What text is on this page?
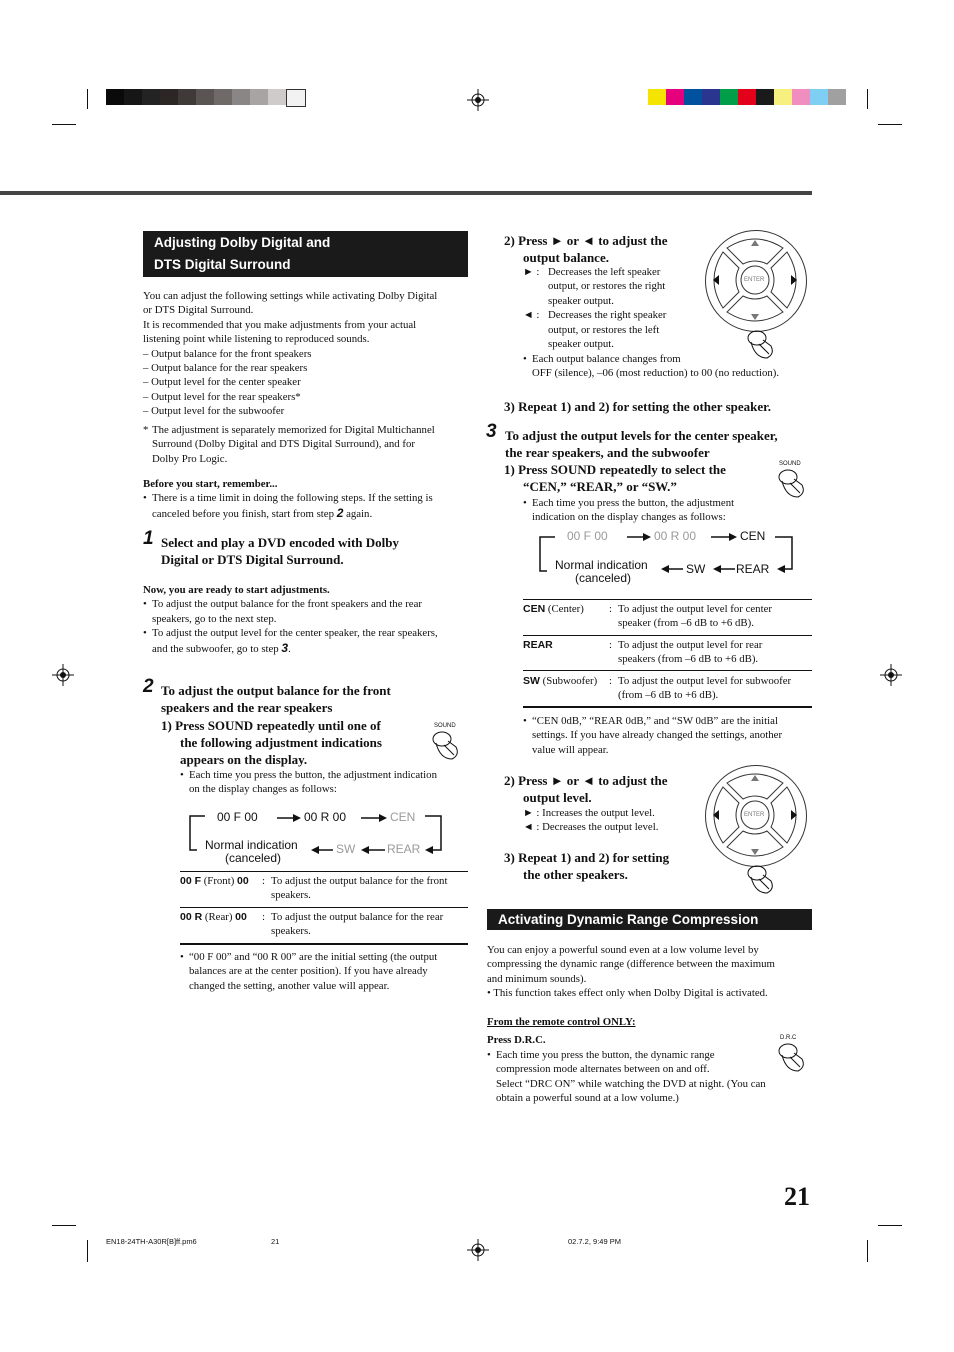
Adjusting Dolby Digital and
DTS Digital Surround
You can adjust the following settings while activating Dolby Digital
or DTS Digital Surround.
It is recommended that you make adjustments from your actual
listening point while listening to reproduced sounds.
– Output balance for the front speakers
– Output balance for the rear speakers
– Output level for the center speaker
– Output level for the rear speakers*
– Output level for the subwoofer
* The adjustment is separately memorized for Digital Multichannel
Surround (Dolby Digital and DTS Digital Surround), and for
Dolby Pro Logic.
Before you start, remember...
• There is a time limit in doing the following steps. If the setting is
canceled before you finish, start from step 2 again.
1 Select and play a DVD encoded with Dolby
Digital or DTS Digital Surround.
Now, you are ready to start adjustments.
• To adjust the output balance for the front speakers and the rear
speakers, go to the next step.
• To adjust the output level for the center speaker, the rear speakers,
and the subwoofer, go to step 3.
2 To adjust the output balance for the front
speakers and the rear speakers
1) Press SOUND repeatedly until one of
the following adjustment indications
appears on the display.
SOUND
• Each time you press the button, the adjustment indication
on the display changes as follows:
00 F 00	00 R 00	CEN
Normal indication
(canceled)
SW	REAR
00 F (Front) 00 : To adjust the output balance for the front
speakers.
00 R (Rear) 00 : To adjust the output balance for the rear
speakers.
• “00 F 00” and “00 R 00” are the initial setting (the output
balances are at the center position). If you have already
changed the setting, another value will appear.
2) Press ► or ◄ to adjust the
output balance.
► : Decreases the left speaker
output, or restores the right
speaker output.
◄ : Decreases the right speaker
output, or restores the left
speaker output.
• Each output balance changes from
OFF (silence), –06 (most reduction) to 00 (no reduction).
ENTER
3) Repeat 1) and 2) for setting the other speaker.
3 To adjust the output levels for the center speaker,
the rear speakers, and the subwoofer
1) Press SOUND repeatedly to select the
“CEN,” “REAR,” or “SW.”
SOUND
• Each time you press the button, the adjustment
indication on the display changes as follows:
00 F 00	00 R 00	CEN
Normal indication
(canceled)
SW	REAR
CEN (Center) : To adjust the output level for center
speaker (from –6 dB to +6 dB).
REAR	: To adjust the output level for rear
speakers (from –6 dB to +6 dB).
SW (Subwoofer) : To adjust the output level for subwoofer
(from –6 dB to +6 dB).
• “CEN 0dB,” “REAR 0dB,” and “SW 0dB” are the initial
settings. If you have already changed the settings, another
value will appear.
2) Press ► or ◄ to adjust the
output level.
► : Increases the output level.
◄ : Decreases the output level.
ENTER
3) Repeat 1) and 2) for setting
the other speakers.
Activating Dynamic Range Compression
You can enjoy a powerful sound even at a low volume level by
compressing the dynamic range (difference between the maximum
and minimum sounds).
• This function takes effect only when Dolby Digital is activated.
From the remote control ONLY:
Press D.R.C.	D.R.C
• Each time you press the button, the dynamic range
compression mode alternates between on and off.
Select “DRC ON” while watching the DVD at night. (You can
obtain a powerful sound at a low volume.)
21
EN18-24TH-A30R[B]ff.pm6	21	02.7.2, 9:49 PM
